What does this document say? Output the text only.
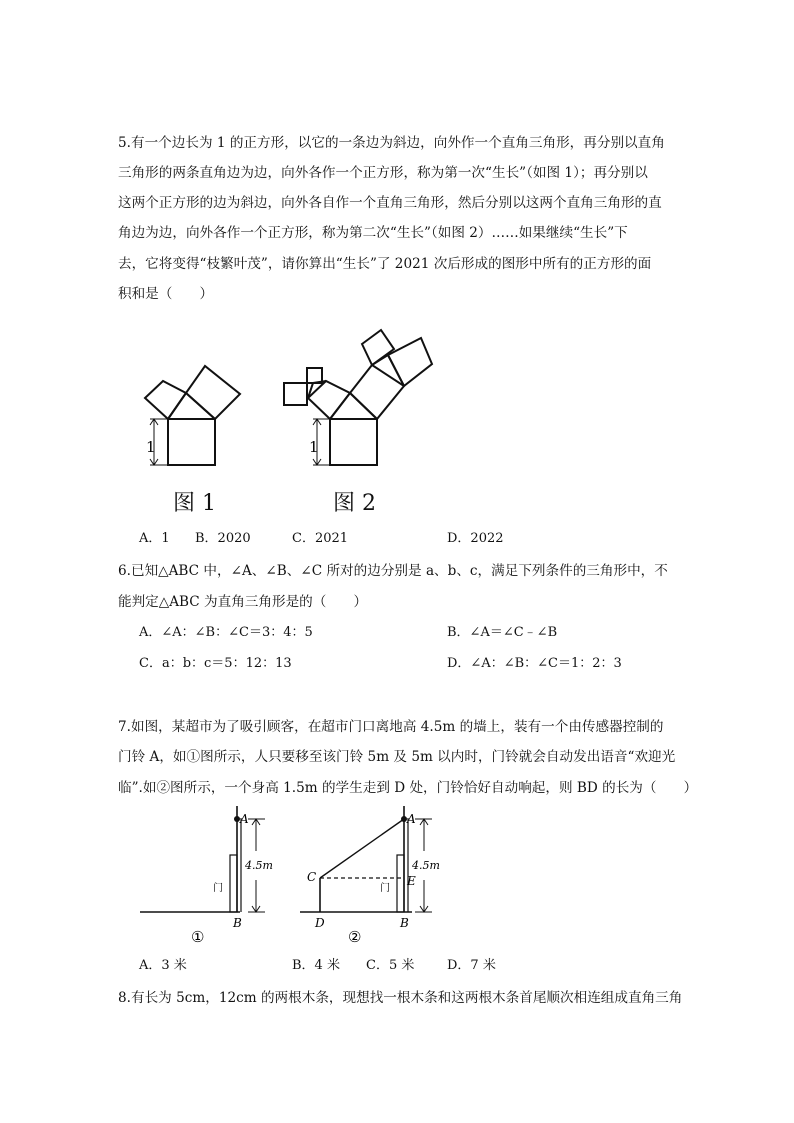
5.有一个边长为 1 的正方形，以它的一条边为斜边，向外作一个直角三角形，再分别以直角
三角形的两条直角边为边，向外各作一个正方形，称为第一次“生长”（如图 1）；再分别以
这两个正方形的边为斜边，向外各自作一个直角三角形，然后分别以这两个直角三角形的直
角边为边，向外各作一个正方形，称为第二次“生长”（如图 2）……如果继续“生长”下
去，它将变得“枝繁叶茂”，请你算出“生长”了 2021 次后形成的图形中所有的正方形的面
积和是（　　）
1
图 1
1
图 2
A．1 B．2020	C．2021	D．2022
6.已知△ABC 中，∠A、∠B、∠C 所对的边分别是 a、b、c，满足下列条件的三角形中，不
能判定△ABC 为直角三角形是的（　　）
A．∠A：∠B：∠C＝3：4：5	B．∠A＝∠C﹣∠B
C．a：b：c＝5：12：13	D．∠A：∠B：∠C＝1：2：3
7.如图，某超市为了吸引顾客，在超市门口离地高 4.5m 的墙上，装有一个由传感器控制的
门铃 A，如①图所示，人只要移至该门铃 5m 及 5m 以内时，门铃就会自动发出语音“欢迎光
临”.如②图所示，一个身高 1.5m 的学生走到 D 处，门铃恰好自动响起，则 BD 的长为（　　）
A
B
4.5m
门
①
A
B
C
D
E
4.5m
门
②
A．3 米	B．4 米 C．5 米	D．7 米
8.有长为 5cm，12cm 的两根木条，现想找一根木条和这两根木条首尾顺次相连组成直角三角
